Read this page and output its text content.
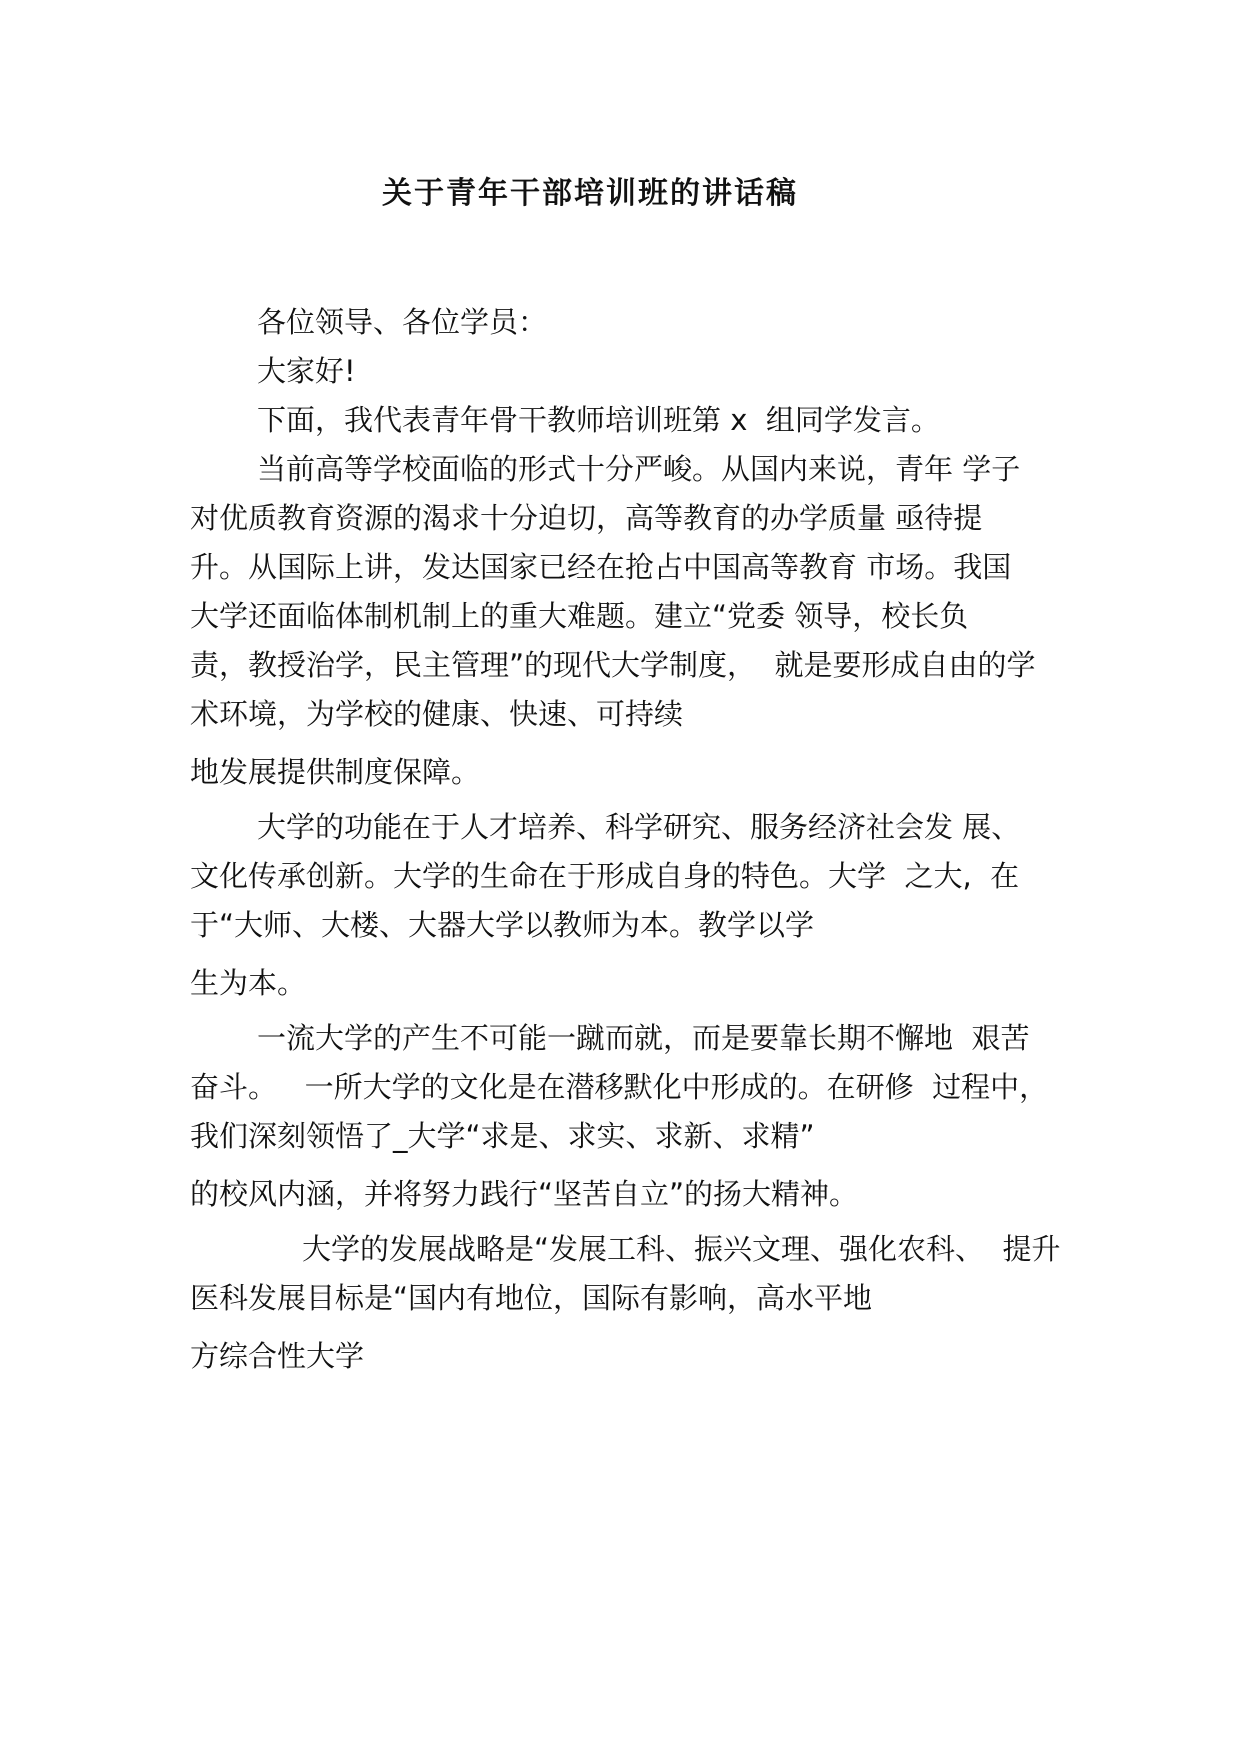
关于青年干部培训班的讲话稿
各位领导、各位学员：
大家好!
下面，我代表青年骨干教师培训班第 x  组同学发言。
当前高等学校面临的形式十分严峻。从国内来说，青年 学子
对优质教育资源的渴求十分迫切，高等教育的办学质量 亟待提
升。从国际上讲，发达国家已经在抢占中国高等教育 市场。我国
大学还面临体制机制上的重大难题。建立“党委 领导，校长负
责，教授治学，民主管理”的现代大学制度，  就是要形成自由的学
术环境，为学校的健康、快速、可持续
地发展提供制度保障。
大学的功能在于人才培养、科学研究、服务经济社会发 展、
文化传承创新。大学的生命在于形成自身的特色。大学  之大,  在
于“大师、大楼、大器大学以教师为本。教学以学
生为本。
一流大学的产生不可能一蹴而就，而是要靠长期不懈地  艰苦
奋斗。   一所大学的文化是在潜移默化中形成的。在研修  过程中，
我们深刻领悟了_大学“求是、求实、求新、求精”
的校风内涵，并将努力践行“坚苦自立”的扬大精神。
大学的发展战略是“发展工科、振兴文理、强化农科、  提升
医科发展目标是“国内有地位，国际有影响，高水平地
方综合性大学
